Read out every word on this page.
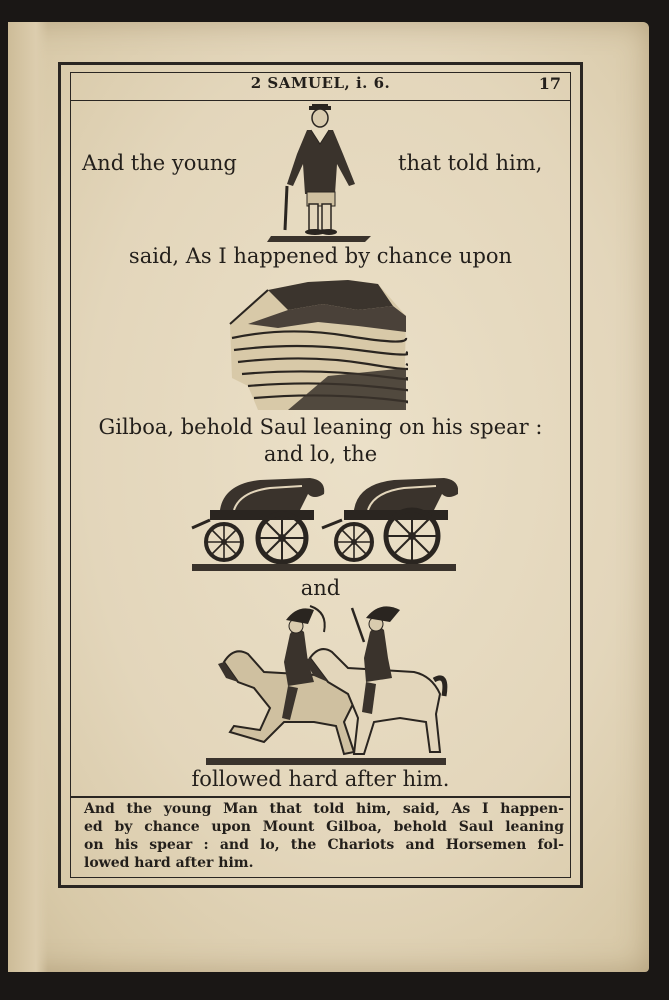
2 SAMUEL, i. 6.	17
And the young	that told him,
said, As I happened by chance upon
Gilboa, behold Saul leaning on his spear :
and lo, the
and
followed hard after him.
And the young Man that told him, said, As I happen-
ed by chance upon Mount Gilboa, behold Saul leaning
on his spear : and lo, the Chariots and Horsemen fol-
lowed hard after him.
